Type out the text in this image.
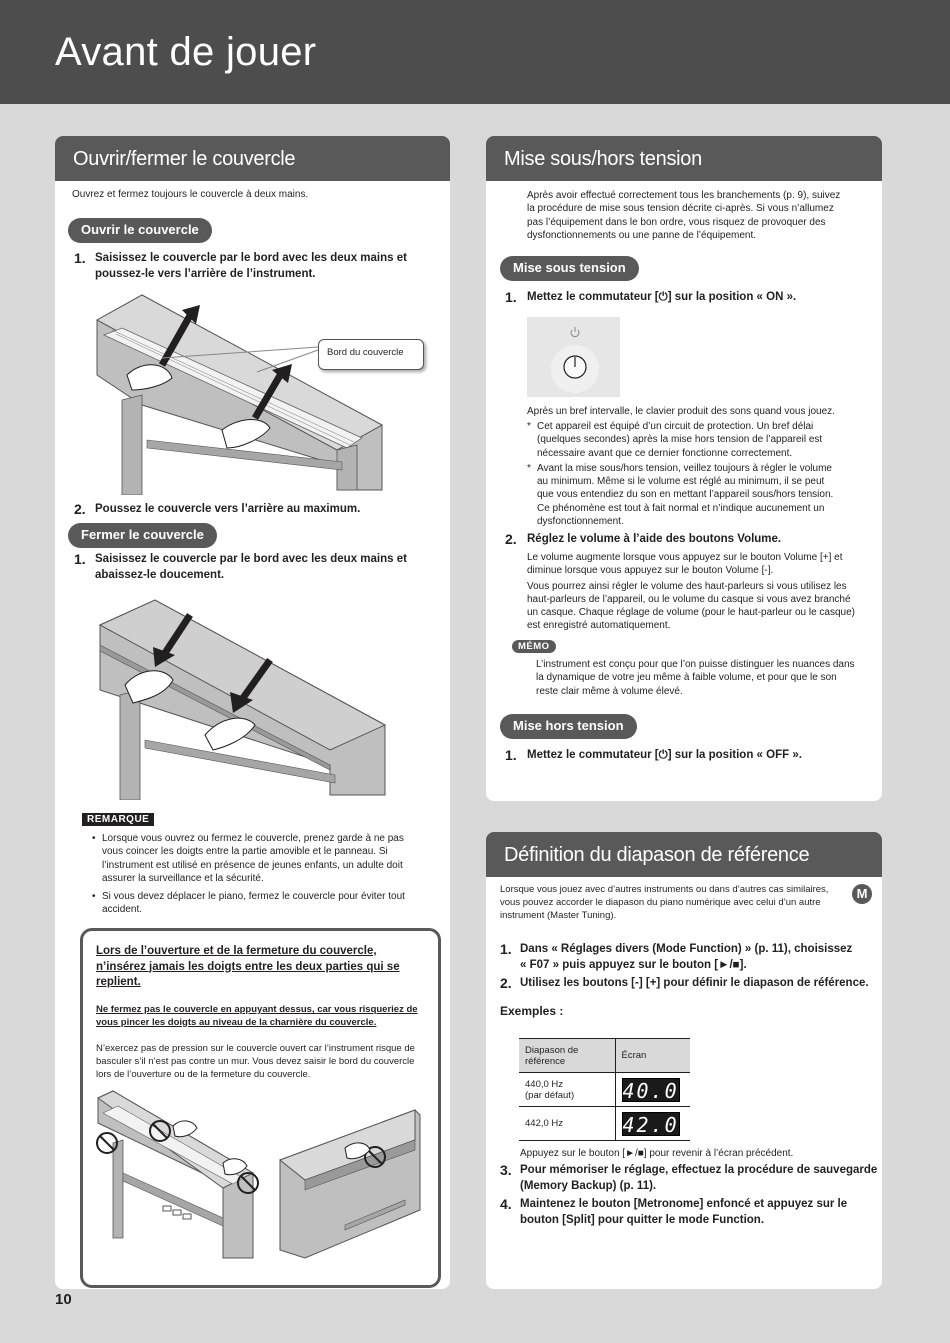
Avant de jouer
Ouvrir/fermer le couvercle
Ouvrez et fermez toujours le couvercle à deux mains.
Ouvrir le couvercle
1. Saisissez le couvercle par le bord avec les deux mains et
poussez-le vers l’arrière de l’instrument.
Bord du couvercle
2. Poussez le couvercle vers l’arrière au maximum.
Fermer le couvercle
1. Saisissez le couvercle par le bord avec les deux mains et
abaissez-le doucement.
REMARQUE
• Lorsque vous ouvrez ou fermez le couvercle, prenez garde à ne pas
vous coincer les doigts entre la partie amovible et le panneau. Si
l’instrument est utilisé en présence de jeunes enfants, un adulte doit
assurer la surveillance et la sécurité.
• Si vous devez déplacer le piano, fermez le couvercle pour éviter tout
accident.
Lors de l’ouverture et de la fermeture du couvercle,
n’insérez jamais les doigts entre les deux parties qui se
replient.
Ne fermez pas le couvercle en appuyant dessus, car vous risqueriez de
vous pincer les doigts au niveau de la charnière du couvercle.
N’exercez pas de pression sur le couvercle ouvert car l’instrument risque de
basculer s’il n’est pas contre un mur. Vous devez saisir le bord du couvercle
lors de l’ouverture ou de la fermeture du couvercle.
Mise sous/hors tension
Après avoir effectué correctement tous les branchements (p. 9), suivez
la procédure de mise sous tension décrite ci-après. Si vous n’allumez
pas l’équipement dans le bon ordre, vous risquez de provoquer des
dysfonctionnements ou une panne de l’équipement.
Mise sous tension
1. Mettez le commutateur [⏻] sur la position « ON ».
Après un bref intervalle, le clavier produit des sons quand vous jouez.
* Cet appareil est équipé d’un circuit de protection. Un bref délai
(quelques secondes) après la mise hors tension de l’appareil est
nécessaire avant que ce dernier fonctionne correctement.
* Avant la mise sous/hors tension, veillez toujours à régler le volume
au minimum. Même si le volume est réglé au minimum, il se peut
que vous entendiez du son en mettant l’appareil sous/hors tension.
Ce phénomène est tout à fait normal et n’indique aucunement un
dysfonctionnement.
2. Réglez le volume à l’aide des boutons Volume.
Le volume augmente lorsque vous appuyez sur le bouton Volume [+] et
diminue lorsque vous appuyez sur le bouton Volume [-].
Vous pourrez ainsi régler le volume des haut-parleurs si vous utilisez les
haut-parleurs de l’appareil, ou le volume du casque si vous avez branché
un casque. Chaque réglage de volume (pour le haut-parleur ou le casque)
est enregistré automatiquement.
MÉMO
L’instrument est conçu pour que l’on puisse distinguer les nuances dans
la dynamique de votre jeu même à faible volume, et pour que le son
reste clair même à volume élevé.
Mise hors tension
1. Mettez le commutateur [⏻] sur la position « OFF ».
Définition du diapason de référence
M
Lorsque vous jouez avec d’autres instruments ou dans d’autres cas similaires,
vous pouvez accorder le diapason du piano numérique avec celui d’un autre
instrument (Master Tuning).
1. Dans « Réglages divers (Mode Function) » (p. 11), choisissez
« F07 » puis appuyez sur le bouton [►/■].
2. Utilisez les boutons [-] [+] pour définir le diapason de référence.
Exemples :
Diapason de
référence	Écran

440,0 Hz
(par défaut)	40.0
442,0 Hz	42.0
Appuyez sur le bouton [►/■] pour revenir à l’écran précédent.
3. Pour mémoriser le réglage, effectuez la procédure de sauvegarde
(Memory Backup) (p. 11).
4. Maintenez le bouton [Metronome] enfoncé et appuyez sur le
bouton [Split] pour quitter le mode Function.
10
